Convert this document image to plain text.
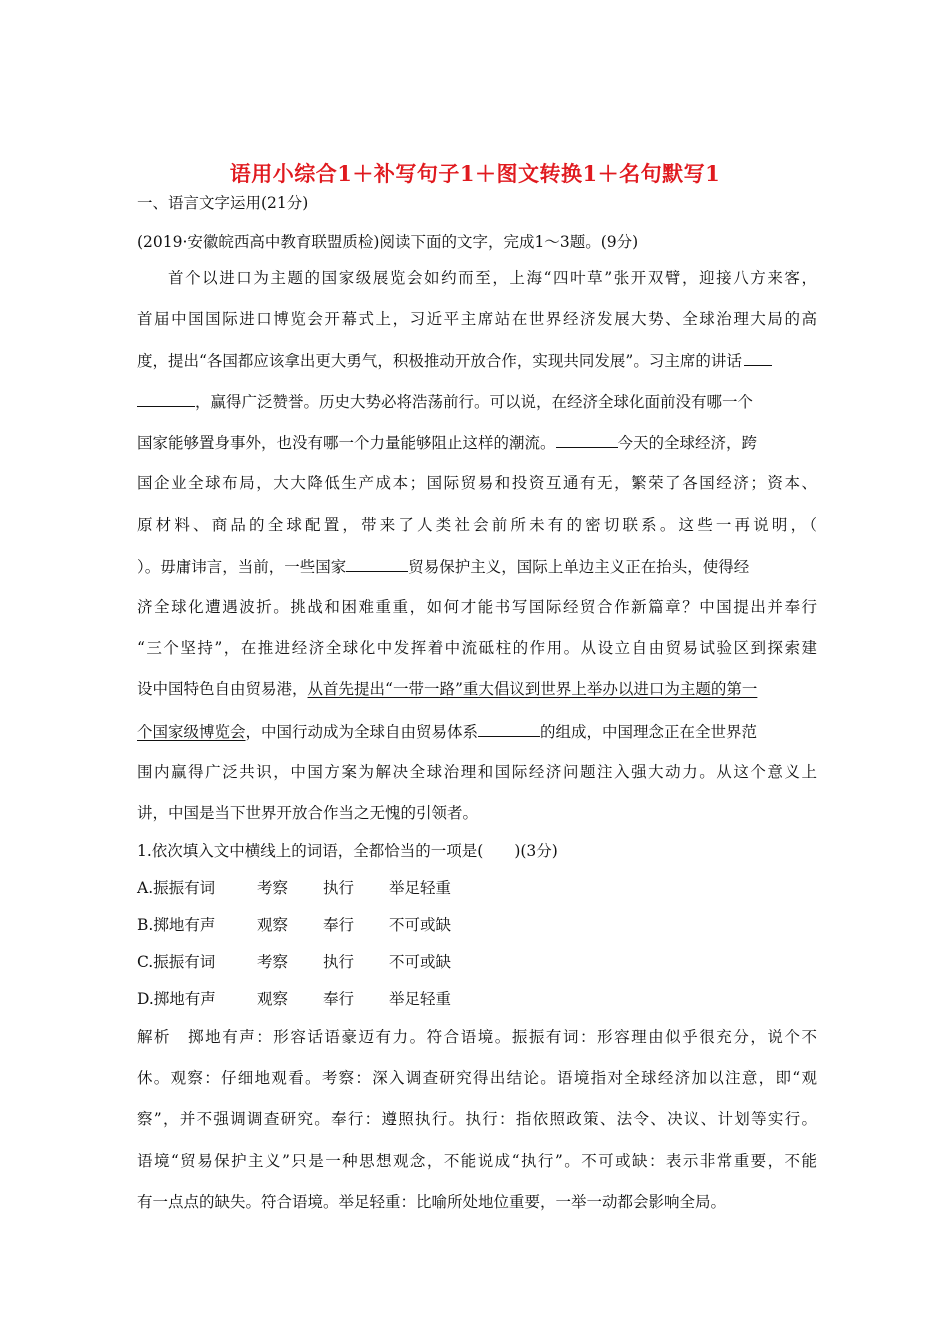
语用小综合1＋补写句子1＋图文转换1＋名句默写1
一、语言文字运用(21分)
(2019·安徽皖西高中教育联盟质检)阅读下面的文字，完成1～3题。(9分)
首个以进口为主题的国家级展览会如约而至，上海“四叶草”张开双臂，迎接八方来客，
首届中国国际进口博览会开幕式上，习近平主席站在世界经济发展大势、全球治理大局的高
度，提出“各国都应该拿出更大勇气，积极推动开放合作，实现共同发展”。习主席的讲话
，赢得广泛赞誉。历史大势必将浩荡前行。可以说，在经济全球化面前没有哪一个
国家能够置身事外，也没有哪一个力量能够阻止这样的潮流。	今天的全球经济，跨
国企业全球布局，大大降低生产成本；国际贸易和投资互通有无，繁荣了各国经济；资本、
原材料、商品的全球配置，带来了人类社会前所未有的密切联系。这些一再说明，（
）。毋庸讳言，当前，一些国家	贸易保护主义，国际上单边主义正在抬头，使得经
济全球化遭遇波折。挑战和困难重重，如何才能书写国际经贸合作新篇章？中国提出并奉行
“三个坚持”，在推进经济全球化中发挥着中流砥柱的作用。从设立自由贸易试验区到探索建
设中国特色自由贸易港，从首先提出“一带一路”重大倡议到世界上举办以进口为主题的第一
个国家级博览会，中国行动成为全球自由贸易体系	的组成，中国理念正在全世界范
围内赢得广泛共识，中国方案为解决全球治理和国际经济问题注入强大动力。从这个意义上
讲，中国是当下世界开放合作当之无愧的引领者。
1.依次填入文中横线上的词语，全都恰当的一项是(　　)(3分)
A.振振有词	考察 执行 举足轻重
B.掷地有声	观察 奉行 不可或缺
C.振振有词	考察 执行 不可或缺
D.掷地有声	观察 奉行 举足轻重
解析　掷地有声：形容话语豪迈有力。符合语境。振振有词：形容理由似乎很充分，说个不
休。观察：仔细地观看。考察：深入调查研究得出结论。语境指对全球经济加以注意，即“观
察”，并不强调调查研究。奉行：遵照执行。执行：指依照政策、法令、决议、计划等实行。
语境“贸易保护主义”只是一种思想观念，不能说成“执行”。不可或缺：表示非常重要，不能
有一点点的缺失。符合语境。举足轻重：比喻所处地位重要，一举一动都会影响全局。
